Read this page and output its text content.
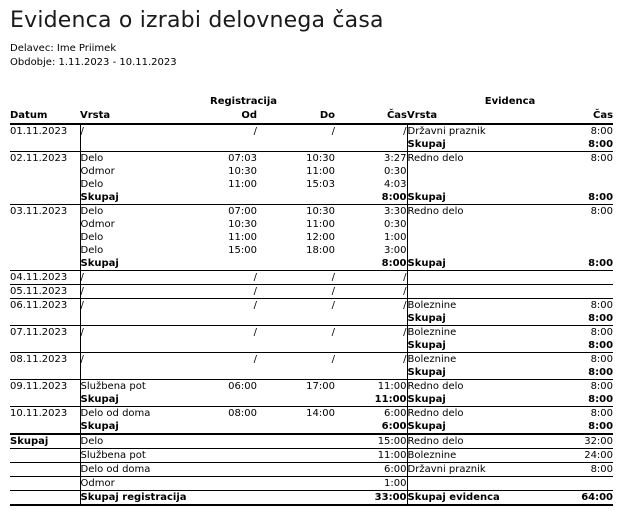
Evidenca o izrabi delovnega časa
Delavec: Ime Priimek
Obdobje: 1.11.2023 - 10.11.2023
	Registracija				Evidenca	
Datum	Vrsta	Od	Do	Čas	Vrsta	Čas
01.11.2023	/	/	/	/	Državni praznik	8:00
					Skupaj	8:00
02.11.2023	Delo	07:03	10:30	3:27	Redno delo	8:00
	Odmor	10:30	11:00	0:30		
	Delo	11:00	15:03	4:03		
	Skupaj			8:00	Skupaj	8:00
03.11.2023	Delo	07:00	10:30	3:30	Redno delo	8:00
	Odmor	10:30	11:00	0:30		
	Delo	11:00	12:00	1:00		
	Delo	15:00	18:00	3:00		
	Skupaj			8:00	Skupaj	8:00
04.11.2023	/	/	/	/		
05.11.2023	/	/	/	/		
06.11.2023	/	/	/	/	Boleznine	8:00
					Skupaj	8:00
07.11.2023	/	/	/	/	Boleznine	8:00
					Skupaj	8:00
08.11.2023	/	/	/	/	Boleznine	8:00
					Skupaj	8:00
09.11.2023	Službena pot	06:00	17:00	11:00	Redno delo	8:00
	Skupaj			11:00	Skupaj	8:00
10.11.2023	Delo od doma	08:00	14:00	6:00	Redno delo	8:00
	Skupaj			6:00	Skupaj	8:00
Skupaj	Delo			15:00	Redno delo	32:00
	Službena pot			11:00	Boleznine	24:00
	Delo od doma			6:00	Državni praznik	8:00
	Odmor			1:00		
	Skupaj registracija			33:00	Skupaj evidenca	64:00
